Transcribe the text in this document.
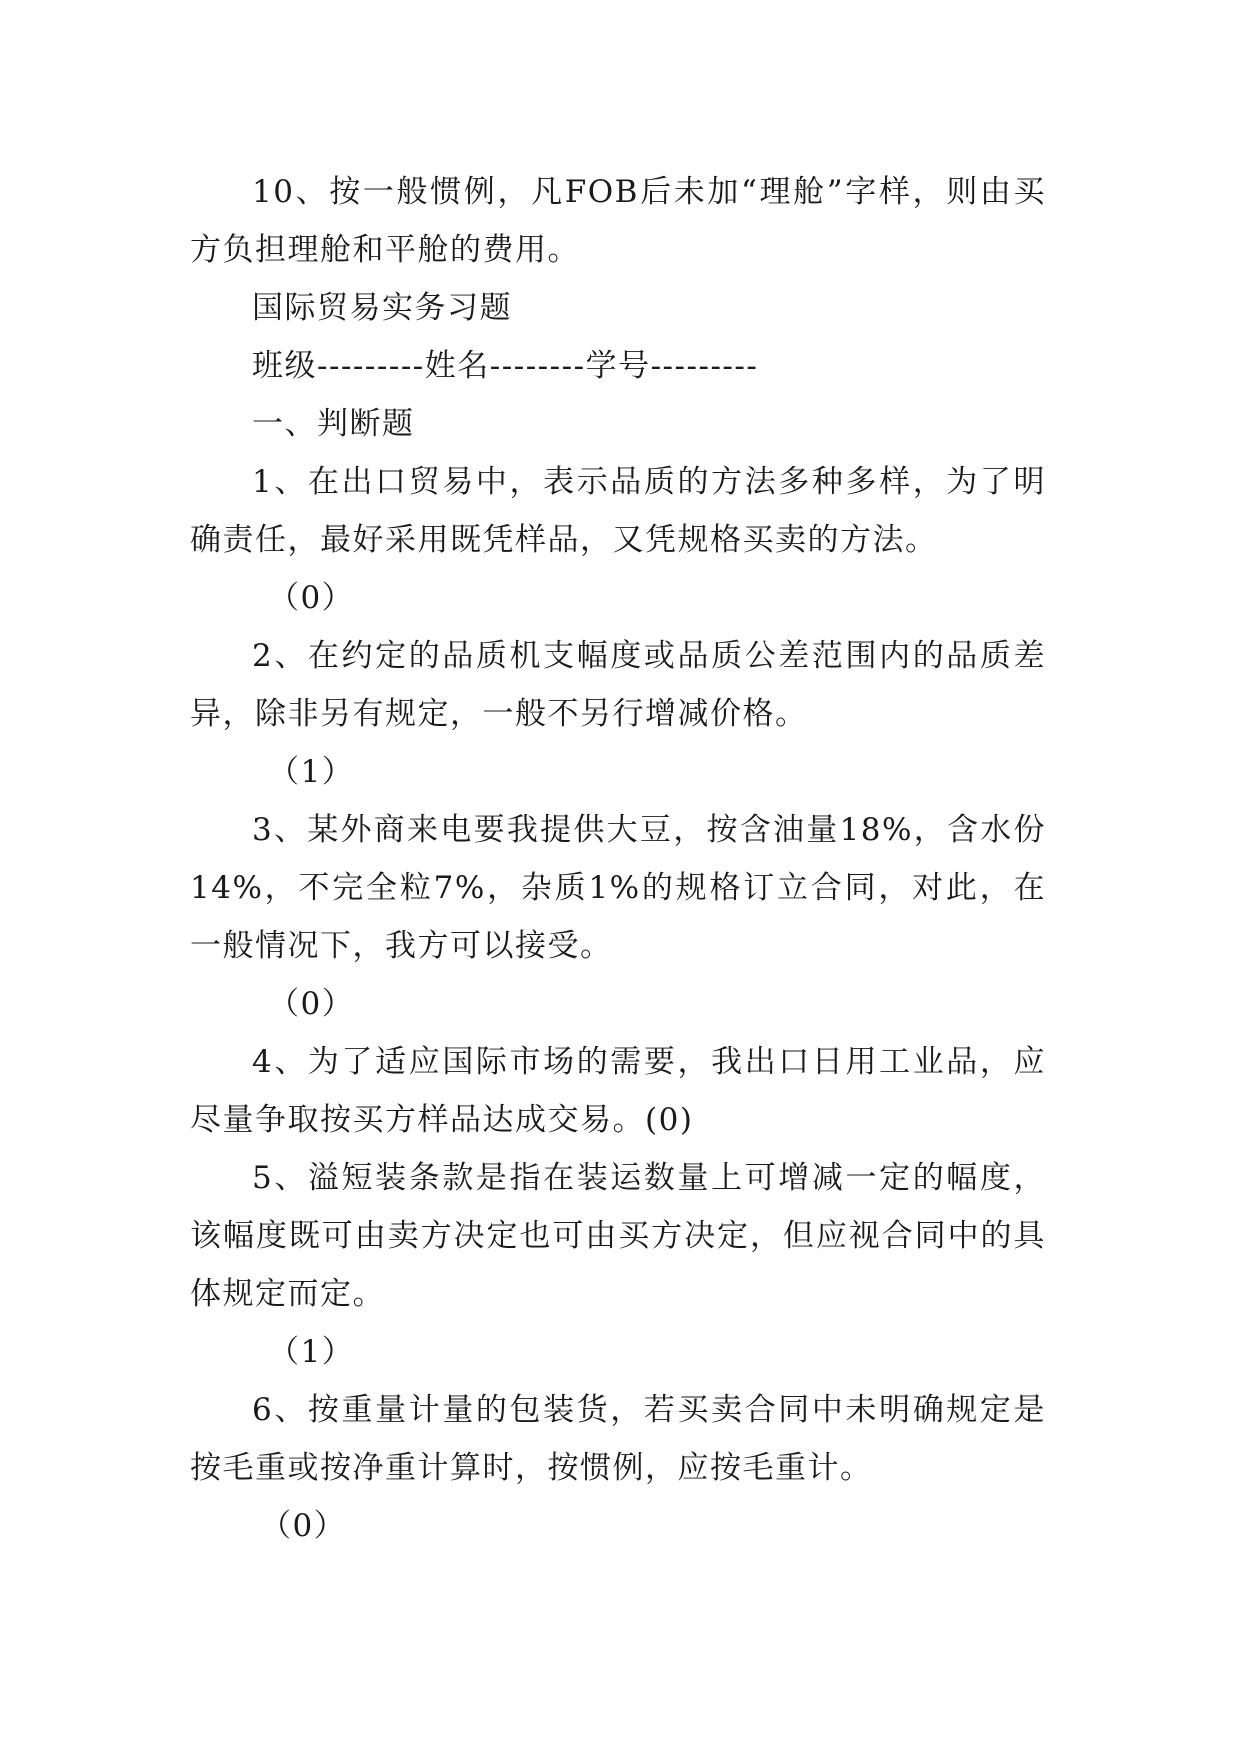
10、按一般惯例，凡FOB后未加“理舱”字样，则由买方负担理舱和平舱的费用。

国际贸易实务习题

班级---------姓名--------学号---------

一、判断题

1、在出口贸易中，表示品质的方法多种多样，为了明确责任，最好采用既凭样品，又凭规格买卖的方法。

（0）

2、在约定的品质机支幅度或品质公差范围内的品质差异，除非另有规定，一般不另行增减价格。

（1）

3、某外商来电要我提供大豆，按含油量18%，含水份14%，不完全粒7%，杂质1%的规格订立合同，对此，在一般情况下，我方可以接受。

（0）

4、为了适应国际市场的需要，我出口日用工业品，应尽量争取按买方样品达成交易。(0)

5、溢短装条款是指在装运数量上可增减一定的幅度，该幅度既可由卖方决定也可由买方决定，但应视合同中的具体规定而定。

（1）

6、按重量计量的包装货，若买卖合同中未明确规定是按毛重或按净重计算时，按惯例，应按毛重计。

（0）
